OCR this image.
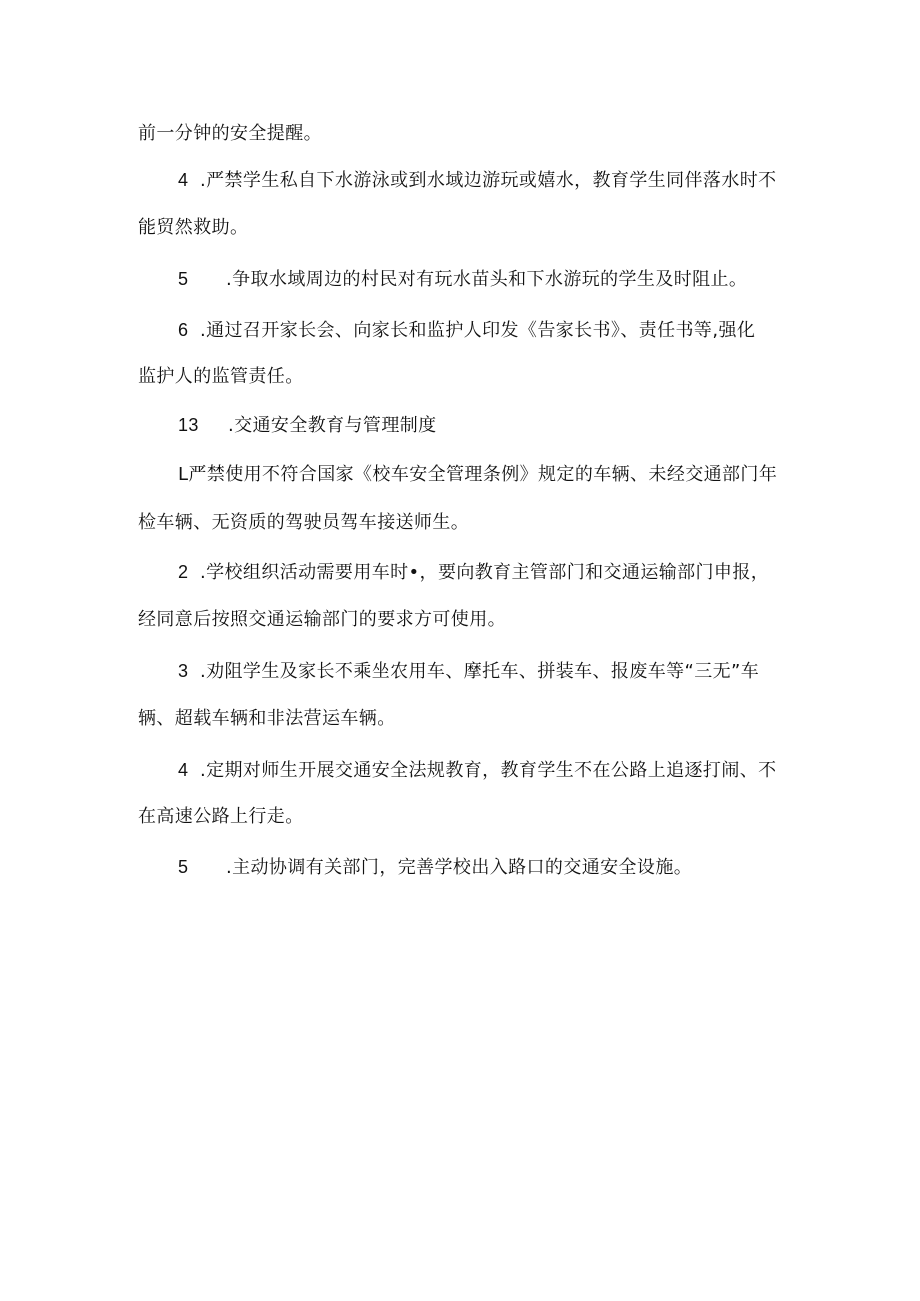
前一分钟的安全提醒。
4 .严禁学生私自下水游泳或到水域边游玩或嬉水，教育学生同伴落水时不
能贸然救助。
5 .争取水域周边的村民对有玩水苗头和下水游玩的学生及时阻止。
6 .通过召开家长会、向家长和监护人印发《告家长书》、责任书等,强化
监护人的监管责任。
13 .交通安全教育与管理制度
L严禁使用不符合国家《校车安全管理条例》规定的车辆、未经交通部门年
检车辆、无资质的驾驶员驾车接送师生。
2 .学校组织活动需要用车时•，要向教育主管部门和交通运输部门申报，
经同意后按照交通运输部门的要求方可使用。
3 .劝阻学生及家长不乘坐农用车、摩托车、拼装车、报废车等“三无”车
辆、超载车辆和非法营运车辆。
4 .定期对师生开展交通安全法规教育，教育学生不在公路上追逐打闹、不
在高速公路上行走。
5 .主动协调有关部门，完善学校出入路口的交通安全设施。
